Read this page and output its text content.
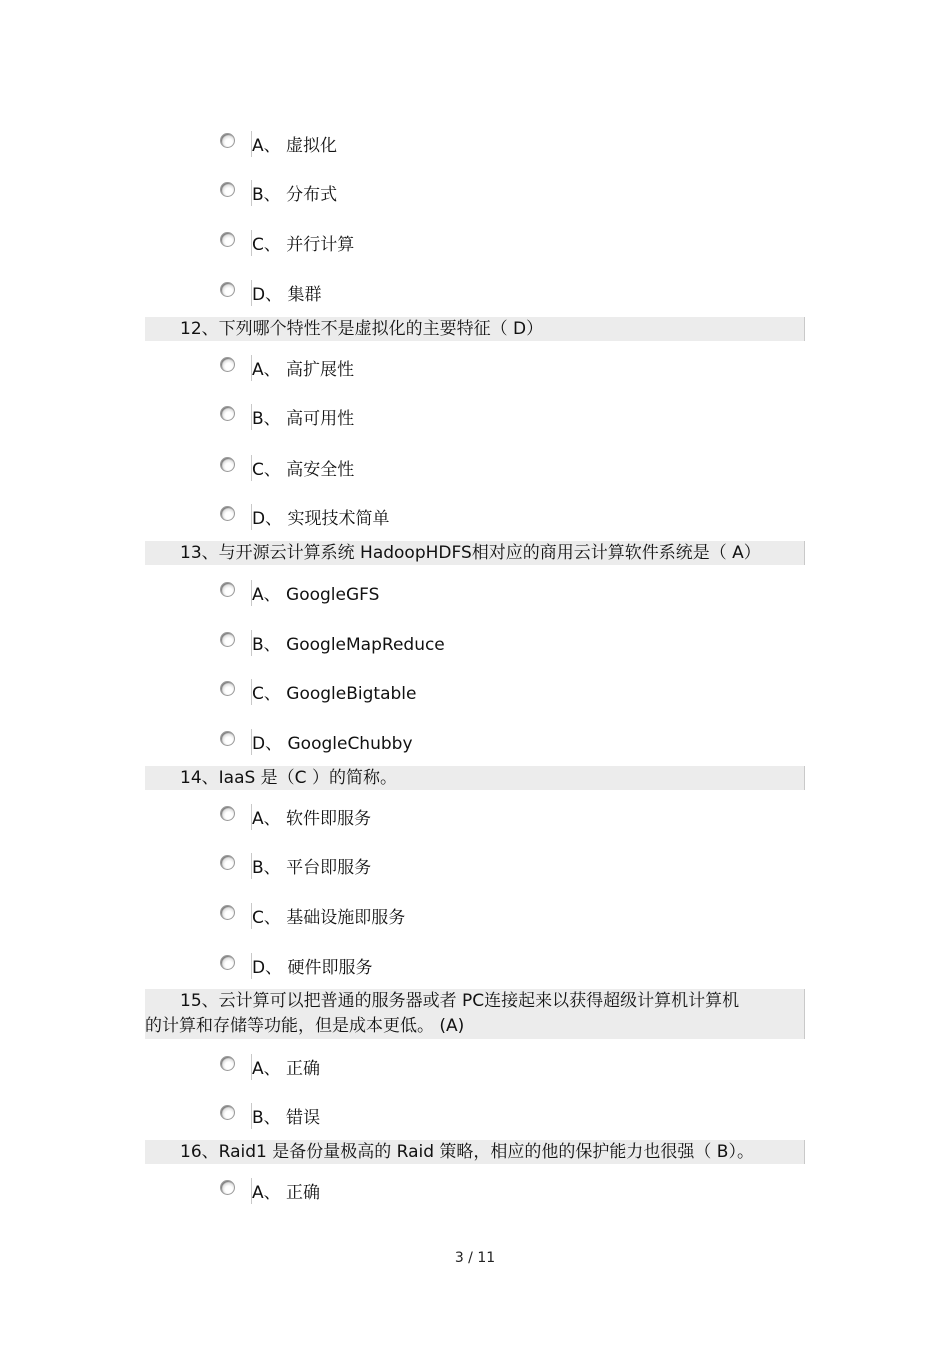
A、 虚拟化
B、 分布式
C、 并行计算
D、 集群
12、下列哪个特性不是虚拟化的主要特征（ D）
A、 高扩展性
B、 高可用性
C、 高安全性
D、 实现技术简单
13、与开源云计算系统 HadoopHDFS相对应的商用云计算软件系统是（ A）
A、 GoogleGFS
B、 GoogleMapReduce
C、 GoogleBigtable
D、 GoogleChubby
14、IaaS 是（C ）的简称。
A、 软件即服务
B、 平台即服务
C、 基础设施即服务
D、 硬件即服务
15、云计算可以把普通的服务器或者 PC连接起来以获得超级计算机计算机
的计算和存储等功能，但是成本更低。 (A)
A、 正确
B、 错误
16、Raid1 是备份量极高的 Raid 策略，相应的他的保护能力也很强（ B）。
A、 正确
3 / 11
